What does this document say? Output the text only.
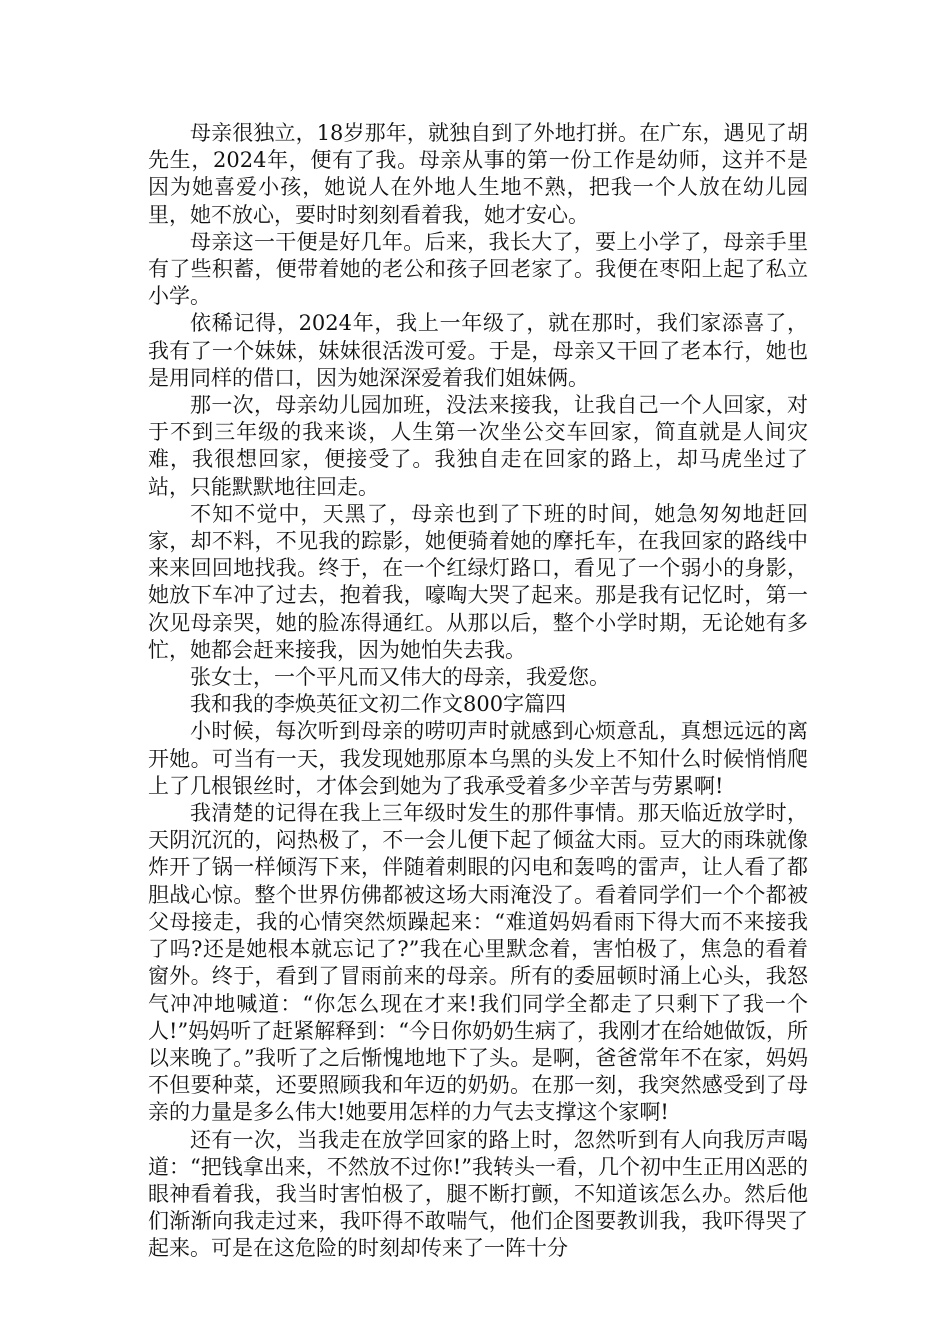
母亲很独立，18岁那年，就独自到了外地打拼。在广东，遇见了胡先生，2024年，便有了我。母亲从事的第一份工作是幼师，这并不是因为她喜爱小孩，她说人在外地人生地不熟，把我一个人放在幼儿园里，她不放心，要时时刻刻看着我，她才安心。

母亲这一干便是好几年。后来，我长大了，要上小学了，母亲手里有了些积蓄，便带着她的老公和孩子回老家了。我便在枣阳上起了私立小学。

依稀记得，2024年，我上一年级了，就在那时，我们家添喜了，我有了一个妹妹，妹妹很活泼可爱。于是，母亲又干回了老本行，她也是用同样的借口，因为她深深爱着我们姐妹俩。

那一次，母亲幼儿园加班，没法来接我，让我自己一个人回家，对于不到三年级的我来谈，人生第一次坐公交车回家，简直就是人间灾难，我很想回家，便接受了。我独自走在回家的路上，却马虎坐过了站，只能默默地往回走。

不知不觉中，天黑了，母亲也到了下班的时间，她急匆匆地赶回家，却不料，不见我的踪影，她便骑着她的摩托车，在我回家的路线中来来回回地找我。终于，在一个红绿灯路口，看见了一个弱小的身影，她放下车冲了过去，抱着我，嚎啕大哭了起来。那是我有记忆时，第一次见母亲哭，她的脸冻得通红。从那以后，整个小学时期，无论她有多忙，她都会赶来接我，因为她怕失去我。

张女士，一个平凡而又伟大的母亲，我爱您。

我和我的李焕英征文初二作文800字篇四

小时候，每次听到母亲的唠叨声时就感到心烦意乱，真想远远的离开她。可当有一天，我发现她那原本乌黑的头发上不知什么时候悄悄爬上了几根银丝时，才体会到她为了我承受着多少辛苦与劳累啊!

我清楚的记得在我上三年级时发生的那件事情。那天临近放学时，天阴沉沉的，闷热极了，不一会儿便下起了倾盆大雨。豆大的雨珠就像炸开了锅一样倾泻下来，伴随着刺眼的闪电和轰鸣的雷声，让人看了都胆战心惊。整个世界仿佛都被这场大雨淹没了。看着同学们一个个都被父母接走，我的心情突然烦躁起来：“难道妈妈看雨下得大而不来接我了吗?还是她根本就忘记了?”我在心里默念着，害怕极了，焦急的看着窗外。终于，看到了冒雨前来的母亲。所有的委屈顿时涌上心头，我怒气冲冲地喊道：“你怎么现在才来!我们同学全都走了只剩下了我一个人!”妈妈听了赶紧解释到：“今日你奶奶生病了，我刚才在给她做饭，所以来晚了。”我听了之后惭愧地地下了头。是啊，爸爸常年不在家，妈妈不但要种菜，还要照顾我和年迈的奶奶。在那一刻，我突然感受到了母亲的力量是多么伟大!她要用怎样的力气去支撑这个家啊!

还有一次，当我走在放学回家的路上时，忽然听到有人向我厉声喝道：“把钱拿出来，不然放不过你!”我转头一看，几个初中生正用凶恶的眼神看着我，我当时害怕极了，腿不断打颤，不知道该怎么办。然后他们渐渐向我走过来，我吓得不敢喘气，他们企图要教训我，我吓得哭了起来。可是在这危险的时刻却传来了一阵十分
